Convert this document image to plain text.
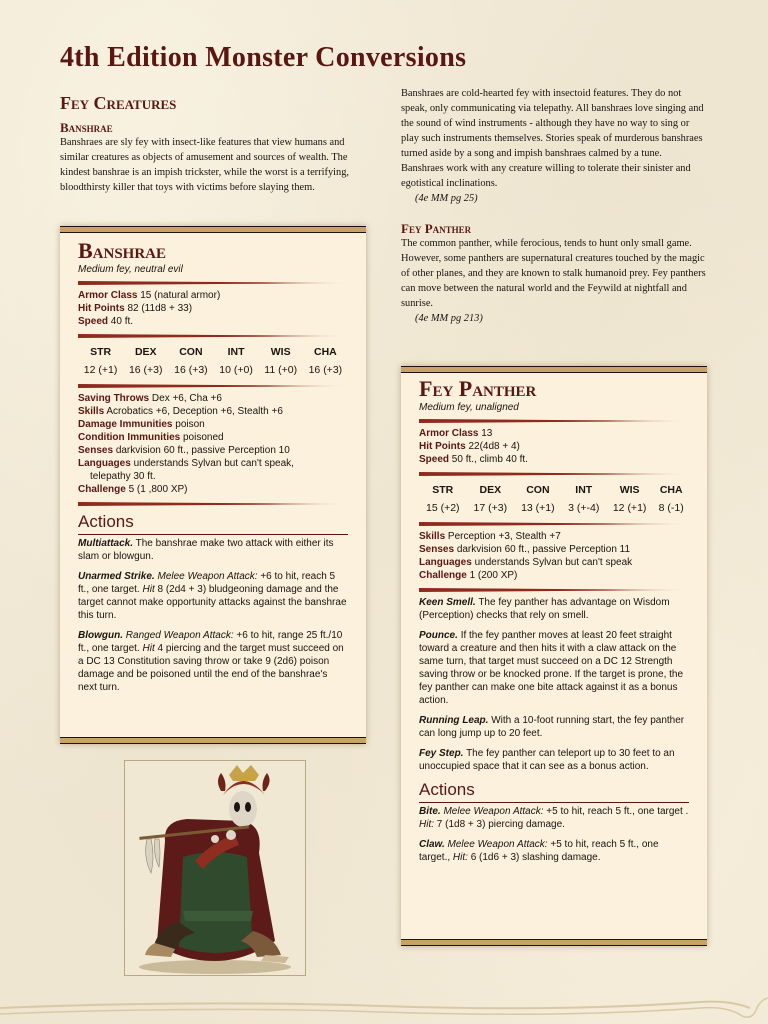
4th Edition Monster Conversions
Fey Creatures
Banshrae

Banshraes are sly fey with insect-like features that view humans and similar creatures as objects of amusement and sources of wealth. The kindest banshrae is an impish trickster, while the worst is a terrifying, bloodthirsty killer that toys with victims before slaying them.

Banshraes are cold-hearted fey with insectoid features. They do not speak, only communicating via telepathy. All banshraes love singing and the sound of wind instruments - although they have no way to sing or play such instruments themselves. Stories speak of murderous banshraes turned aside by a song and impish banshraes calmed by a tune. Banshraes work with any creature willing to tolerate their sinister and egotistical inclinations.

(4e MM pg 25)

Fey Panther

The common panther, while ferocious, tends to hunt only small game. However, some panthers are supernatural creatures touched by the magic of other planes, and they are known to stalk humanoid prey. Fey panthers can move between the natural world and the Feywild at nightfall and sunrise.

(4e MM pg 213)

Banshrae

Medium fey, neutral evil

Armor Class 15 (natural armor)

Hit Points 82 (11d8 + 33)

Speed 40 ft.

STR	DEX	CON	INT	WIS	CHA
12 (+1)	16 (+3)	16 (+3)	10 (+0)	11 (+0)	16 (+3)

Saving Throws Dex +6, Cha +6

Skills Acrobatics +6, Deception +6, Stealth +6

Damage Immunities poison

Condition Immunities poisoned

Senses darkvision 60 ft., passive Perception 10

Languages understands Sylvan but can't speak,

telepathy 30 ft.

Challenge 5 (1 ,800 XP)

Actions

Multiattack. The banshrae make two attack with either its slam or blowgun.

Unarmed Strike. Melee Weapon Attack: +6 to hit, reach 5 ft., one target. Hit 8 (2d4 + 3) bludgeoning damage and the target cannot make opportunity attacks against the banshrae this turn.

Blowgun. Ranged Weapon Attack: +6 to hit, range 25 ft./10 ft., one target. Hit 4 piercing and the target must succeed on a DC 13 Constitution saving throw or take 9 (2d6) poison damage and be poisoned until the end of the banshrae's next turn.

Fey Panther

Medium fey, unaligned

Armor Class 13

Hit Points 22(4d8 + 4)

Speed 50 ft., climb 40 ft.

STR	DEX	CON	INT	WIS	CHA
15 (+2)	17 (+3)	13 (+1)	3 (+-4)	12 (+1)	8 (-1)

Skills Perception +3, Stealth +7

Senses darkvision 60 ft., passive Perception 11

Languages understands Sylvan but can't speak

Challenge 1 (200 XP)

Keen Smell. The fey panther has advantage on Wisdom (Perception) checks that rely on smell.

Pounce. If the fey panther moves at least 20 feet straight toward a creature and then hits it with a claw attack on the same turn, that target must succeed on a DC 12 Strength saving throw or be knocked prone. If the target is prone, the fey panther can make one bite attack against it as a bonus action.

Running Leap. With a 10-foot running start, the fey panther can long jump up to 20 feet.

Fey Step. The fey panther can teleport up to 30 feet to an unoccupied space that it can see as a bonus action.

Actions

Bite. Melee Weapon Attack: +5 to hit, reach 5 ft., one target . Hit: 7 (1d8 + 3) piercing damage.

Claw. Melee Weapon Attack: +5 to hit, reach 5 ft., one target., Hit: 6 (1d6 + 3) slashing damage.
